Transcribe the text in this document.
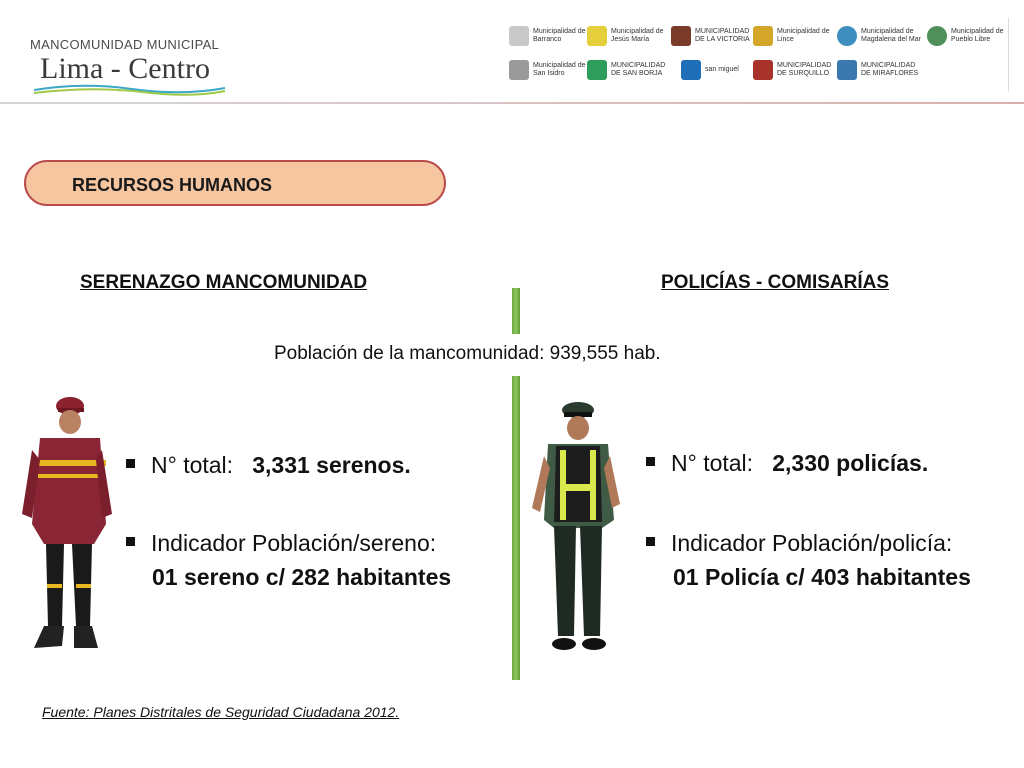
MANCOMUNIDAD MUNICIPAL
Lima - Centro
Municipalidad de Barranco
Municipalidad de Jesús María
MUNICIPALIDAD DE LA VICTORIA
Municipalidad de Lince
Municipalidad de Magdalena del Mar
Municipalidad de Pueblo Libre
Municipalidad de San Isidro
MUNICIPALIDAD DE SAN BORJA
san miguel
MUNICIPALIDAD DE SURQUILLO
MUNICIPALIDAD DE MIRAFLORES
RECURSOS HUMANOS
SERENAZGO MANCOMUNIDAD	POLICÍAS - COMISARÍAS
Población de la mancomunidad: 939,555 hab.
N° total: 3,331 serenos.
Indicador Población/sereno:
01 sereno c/ 282 habitantes
N° total: 2,330 policías.
Indicador Población/policía:
01 Policía c/ 403 habitantes
Fuente: Planes Distritales de Seguridad Ciudadana 2012.
